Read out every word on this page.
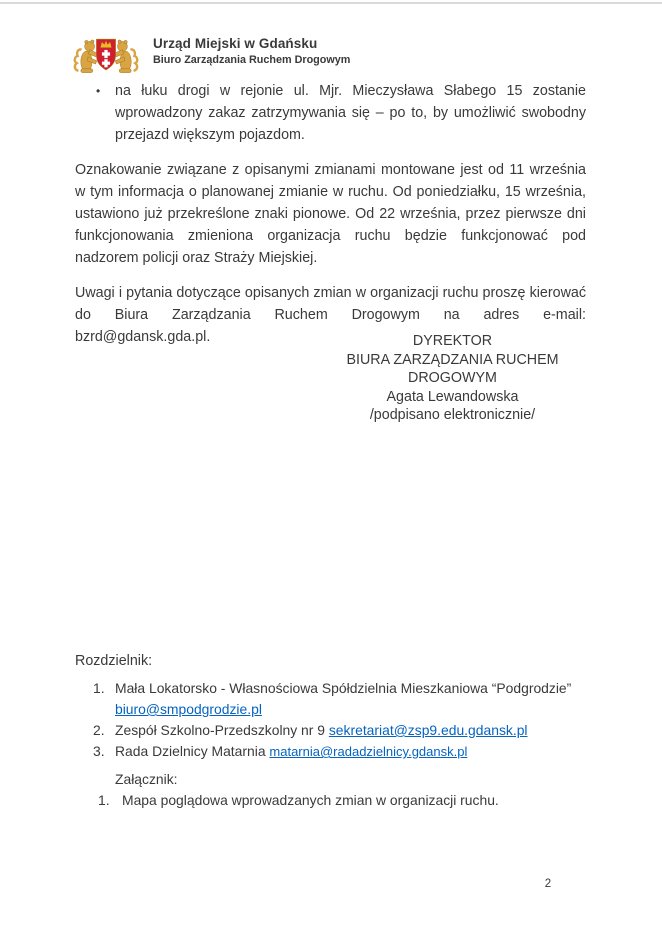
Urząd Miejski w Gdańsku
Biuro Zarządzania Ruchem Drogowym
•	na łuku drogi w rejonie ul. Mjr. Mieczysława Słabego 15 zostanie wprowadzony zakaz zatrzymywania się – po to, by umożliwić swobodny przejazd większym pojazdom.
Oznakowanie związane z opisanymi zmianami montowane jest od 11 września w tym informacja o planowanej zmianie w ruchu. Od poniedziałku, 15 września, ustawiono już przekreślone znaki pionowe. Od 22 września, przez pierwsze dni funkcjonowania zmieniona organizacja ruchu będzie funkcjonować pod nadzorem policji oraz Straży Miejskiej.
Uwagi i pytania dotyczące opisanych zmian w organizacji ruchu proszę kierować do Biura Zarządzania Ruchem Drogowym na adres e-mail: bzrd@gdansk.gda.pl.	DYREKTOR
BIURA ZARZĄDZANIA RUCHEM
DROGOWYM
Agata Lewandowska
/podpisano elektronicznie/
Rozdzielnik:
1. Mała Lokatorsko - Własnościowa Spółdzielnia Mieszkaniowa “Podgrodzie”
biuro@smpodgrodzie.pl
2. Zespół Szkolno-Przedszkolny nr 9 sekretariat@zsp9.edu.gdansk.pl
3. Rada Dzielnicy Matarnia matarnia@radadzielnicy.gdansk.pl
Załącznik:
1. Mapa poglądowa wprowadzanych zmian w organizacji ruchu.
2
